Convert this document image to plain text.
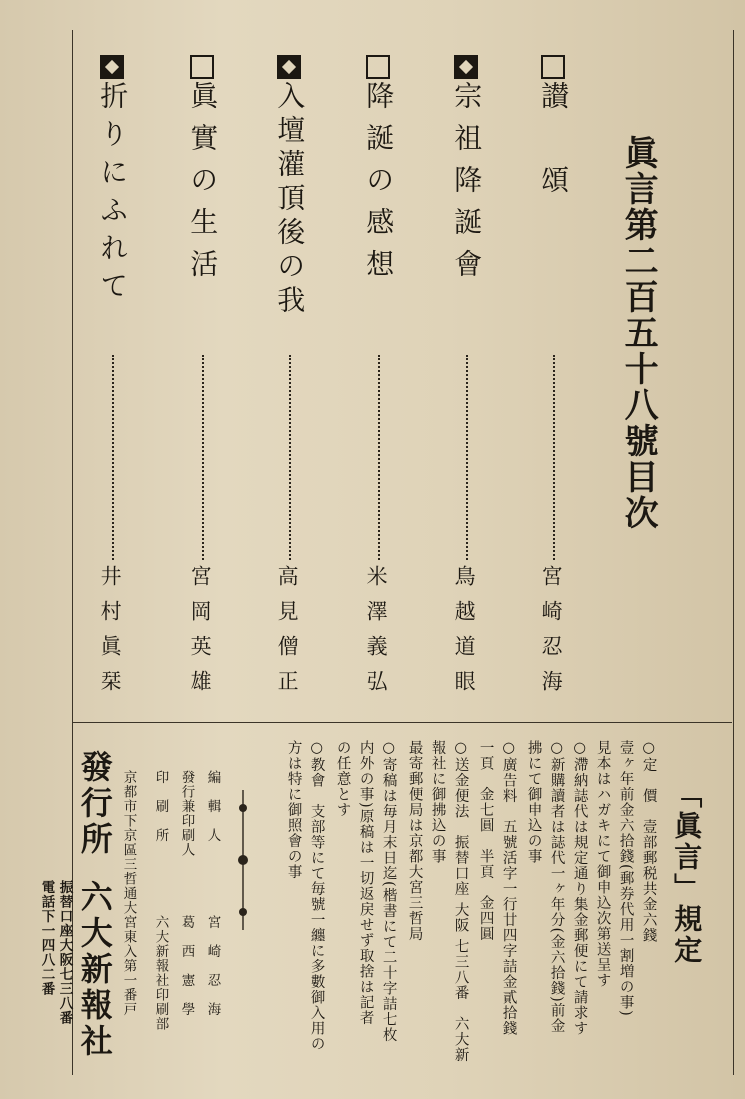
眞言第二百五十八號目次
讃　頌
宮崎忍海
宗祖降誕會
鳥越道眼
降誕の感想
米澤義弘
入壇灌頂後の我
高見僧正
眞實の生活
宮岡英雄
折りにふれて
井村眞栞
「眞言」規定
○定　價　壹部郵税共金六錢
壹ヶ年前金六拾錢(郵券代用一割増の事)
見本はハガキにて御申込次第送呈す
○滯納誌代は規定通り集金郵便にて請求す
○新購讀者は誌代一ヶ年分(金六拾錢)前金
拂にて御申込の事
○廣告料　五號活字一行廿四字詰金貳拾錢
一頁　金七圓　半頁　金四圓
○送金便法　振替口座 大阪 七三八番　六大新
報社に御拂込の事
最寄郵便局は京都大宮三哲局
○寄稿は毎月末日迄(楷書にて二十字詰七枚
内外の事)原稿は一切返戻せず取捨は記者
の任意とす
○教會　支部等にて毎號一纏に多數御入用の
方は特に御照會の事
編　輯　人
宮　崎　忍　海
發行兼印刷人
葛　西　憲　學
印　刷　所
六大新報社印刷部
京都市下京區三哲通大宮東入第一番戸
發行所
六大新報社
振替口座大阪七三八番
電話下一四八二番
